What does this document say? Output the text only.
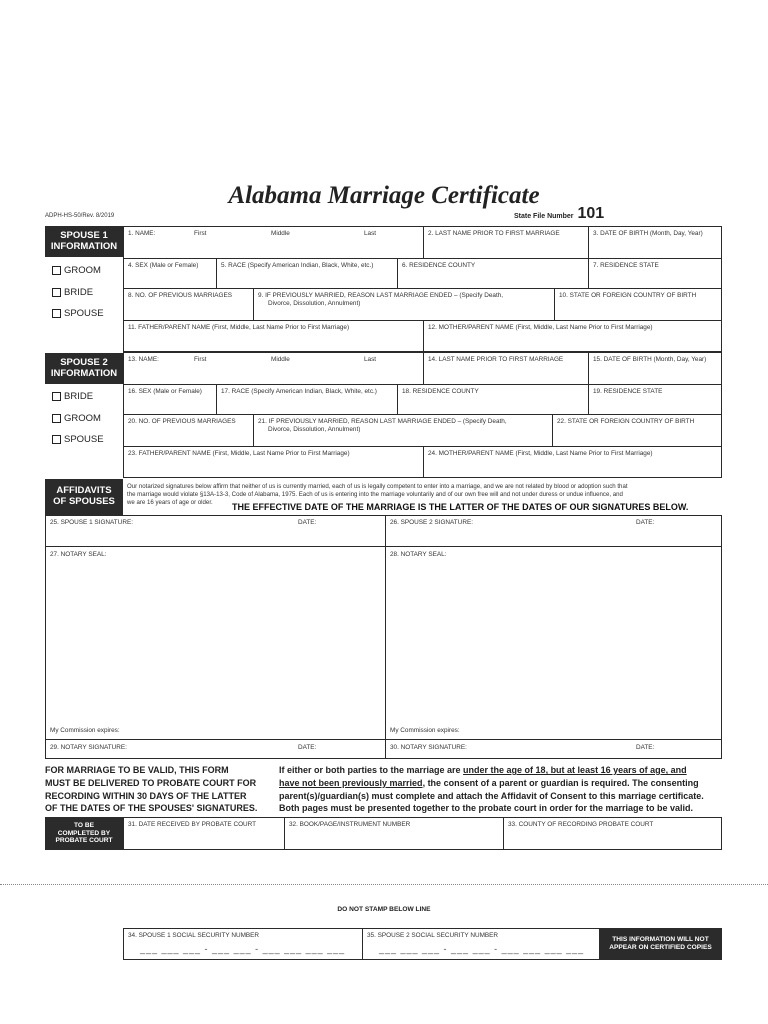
Alabama Marriage Certificate
ADPH-HS-50/Rev. 8/2019	State File Number 101
SPOUSE 1
INFORMATION
GROOM
BRIDE
SPOUSE
1. NAME:	First	Middle	Last	2. LAST NAME PRIOR TO FIRST MARRIAGE	3. DATE OF BIRTH (Month, Day, Year)
4. SEX (Male or Female)	5. RACE (Specify American Indian, Black, White, etc.)	6. RESIDENCE COUNTY	7. RESIDENCE STATE
8. NO. OF PREVIOUS MARRIAGES	9. IF PREVIOUSLY MARRIED, REASON LAST MARRIAGE ENDED – (Specify Death,
Divorce, Dissolution, Annulment)
10. STATE OR FOREIGN COUNTRY OF BIRTH
11. FATHER/PARENT NAME (First, Middle, Last Name Prior to First Marriage)	12. MOTHER/PARENT NAME (First, Middle, Last Name Prior to First Marriage)
SPOUSE 2
INFORMATION
BRIDE
GROOM
SPOUSE
13. NAME:	First	Middle	Last	14. LAST NAME PRIOR TO FIRST MARRIAGE	15. DATE OF BIRTH (Month, Day, Year)
16. SEX (Male or Female)	17. RACE (Specify American Indian, Black, White, etc.)	18. RESIDENCE COUNTY	19. RESIDENCE STATE
20. NO. OF PREVIOUS MARRIAGES	21. IF PREVIOUSLY MARRIED, REASON LAST MARRIAGE ENDED – (Specify Death,
Divorce, Dissolution, Annulment)
22. STATE OR FOREIGN COUNTRY OF BIRTH
23. FATHER/PARENT NAME (First, Middle, Last Name Prior to First Marriage)	24. MOTHER/PARENT NAME (First, Middle, Last Name Prior to First Marriage)
AFFIDAVITS
OF SPOUSES
Our notarized signatures below affirm that neither of us is currently married, each of us is legally competent to enter into a marriage, and we are not related by blood or adoption such that
the marriage would violate §13A-13-3, Code of Alabama, 1975. Each of us is entering into the marriage voluntarily and of our own free will and not under duress or undue influence, and
we are 16 years of age or older.	THE EFFECTIVE DATE OF THE MARRIAGE IS THE LATTER OF THE DATES OF OUR SIGNATURES BELOW.
25. SPOUSE 1 SIGNATURE:	DATE:	26. SPOUSE 2 SIGNATURE:	DATE:
27. NOTARY SEAL:
My Commission expires:
28. NOTARY SEAL:
My Commission expires:
29. NOTARY SIGNATURE:	DATE:	30. NOTARY SIGNATURE:	DATE:
FOR MARRIAGE TO BE VALID, THIS FORM
MUST BE DELIVERED TO PROBATE COURT FOR
RECORDING WITHIN 30 DAYS OF THE LATTER
OF THE DATES OF THE SPOUSES' SIGNATURES.
If either or both parties to the marriage are under the age of 18, but at least 16 years of age, and
have not been previously married, the consent of a parent or guardian is required. The consenting
parent(s)/guardian(s) must complete and attach the Affidavit of Consent to this marriage certificate.
Both pages must be presented together to the probate court in order for the marriage to be valid.
TO BE
COMPLETED BY
PROBATE COURT
31. DATE RECEIVED BY PROBATE COURT	32. BOOK/PAGE/INSTRUMENT NUMBER	33. COUNTY OF RECORDING PROBATE COURT
DO NOT STAMP BELOW LINE
34. SPOUSE 1 SOCIAL SECURITY NUMBER
___ ___ ___ - ___ ___ - ___ ___ ___ ___
35. SPOUSE 2 SOCIAL SECURITY NUMBER
___ ___ ___ - ___ ___ - ___ ___ ___ ___
THIS INFORMATION WILL NOT
APPEAR ON CERTIFIED COPIES
